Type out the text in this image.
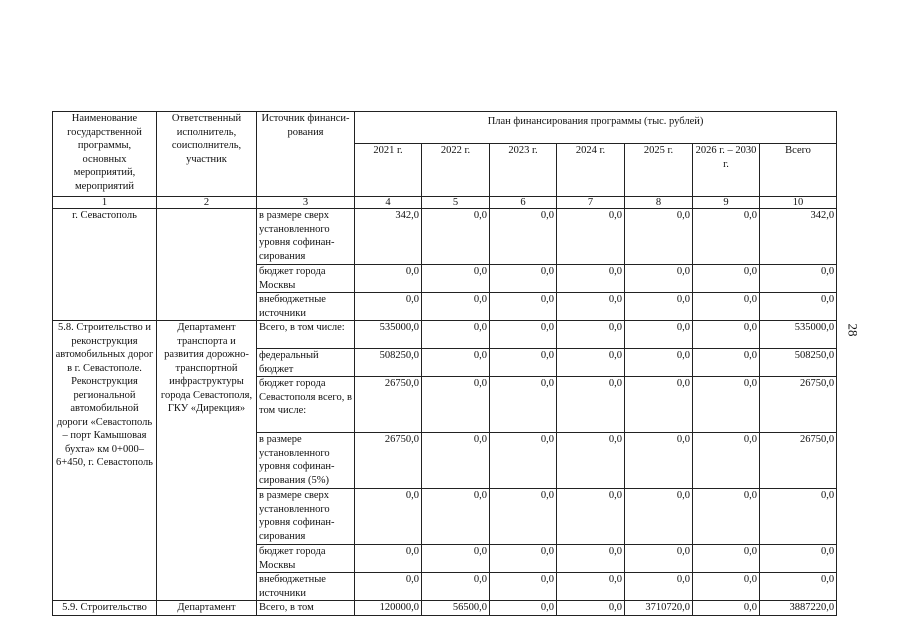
Наименование государственной программы, основных мероприятий, мероприятий	Ответственный исполнитель, соисполнитель, участник	Источник финанси-рования	План финансирования программы (тыс. рублей)						
			2021 г.	2022 г.	2023 г.	2024 г.	2025 г.	2026 г. – 2030 г.	Всего
1	2	3	4	5	6	7	8	9	10
г. Севастополь		в размере сверх установленного уровня софинан-сирования	342,0	0,0	0,0	0,0	0,0	0,0	342,0
		бюджет города Москвы	0,0	0,0	0,0	0,0	0,0	0,0	0,0
		внебюджетные источники	0,0	0,0	0,0	0,0	0,0	0,0	0,0
5.8. Строительство и реконструкция автомобильных дорог в г. Севастополе. Реконструкция региональной автомобильной дороги «Севастополь – порт Камышовая бухта» км 0+000–6+450, г. Севастополь	Департамент транспорта и развития дорожно-транспортной инфраструктуры города Севастополя, ГКУ «Дирекция»	Всего, в том числе:	535000,0	0,0	0,0	0,0	0,0	0,0	535000,0
		федеральный бюджет	508250,0	0,0	0,0	0,0	0,0	0,0	508250,0
		бюджет города Севастополя всего, в том числе:	26750,0	0,0	0,0	0,0	0,0	0,0	26750,0
		в размере установленного уровня софинан-сирования (5%)	26750,0	0,0	0,0	0,0	0,0	0,0	26750,0
		в размере сверх установленного уровня софинан-сирования	0,0	0,0	0,0	0,0	0,0	0,0	0,0
		бюджет города Москвы	0,0	0,0	0,0	0,0	0,0	0,0	0,0
		внебюджетные источники	0,0	0,0	0,0	0,0	0,0	0,0	0,0
5.9. Строительство	Департамент	Всего, в том	120000,0	56500,0	0,0	0,0	3710720,0	0,0	3887220,0
28
